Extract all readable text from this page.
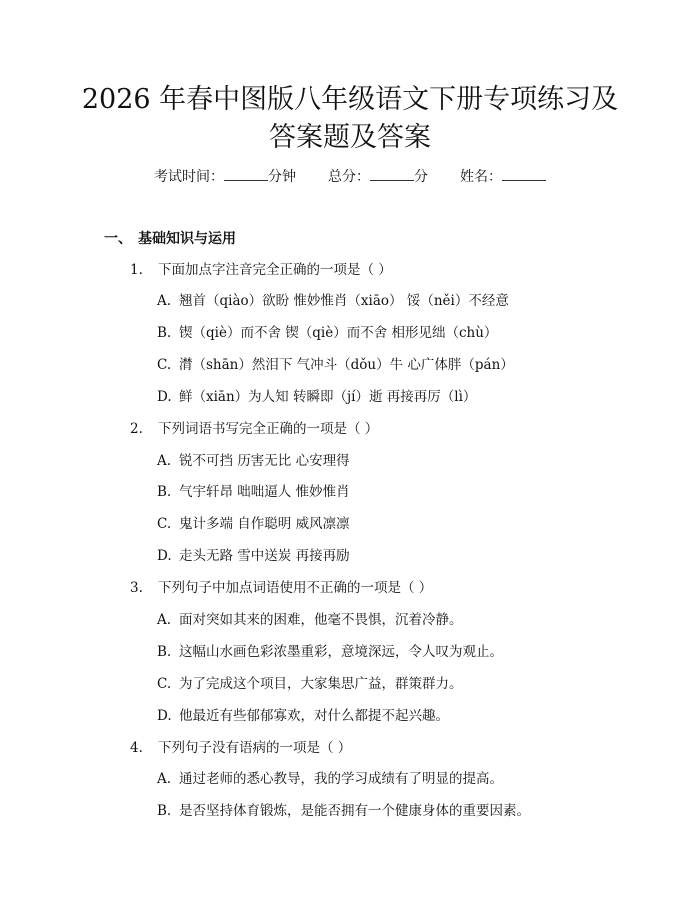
2026 年春中图版八年级语文下册专项练习及
答案题及答案
考试时间：	分钟 总分：	分 姓名：
一、 基础知识与运用
1. 下面加点字注音完全正确的一项是（ ）
A. 翘首（qiào）欲盼 惟妙惟肖（xiāo） 馁（něi）不经意
B. 锲（qiè）而不舍 锲（qiè）而不舍 相形见绌（chù）
C. 潸（shān）然泪下 气冲斗（dǒu）牛 心广体胖（pán）
D. 鲜（xiān）为人知 转瞬即（jí）逝 再接再厉（lì）
2. 下列词语书写完全正确的一项是（ ）
A. 锐不可挡 历害无比 心安理得
B. 气宇轩昂 咄咄逼人 惟妙惟肖
C. 鬼计多端 自作聪明 威风凛凛
D. 走头无路 雪中送炭 再接再励
3. 下列句子中加点词语使用不正确的一项是（ ）
A. 面对突如其来的困难，他毫不畏惧，沉着冷静。
B. 这幅山水画色彩浓墨重彩，意境深远，令人叹为观止。
C. 为了完成这个项目，大家集思广益，群策群力。
D. 他最近有些郁郁寡欢，对什么都提不起兴趣。
4. 下列句子没有语病的一项是（ ）
A. 通过老师的悉心教导，我的学习成绩有了明显的提高。
B. 是否坚持体育锻炼，是能否拥有一个健康身体的重要因素。
